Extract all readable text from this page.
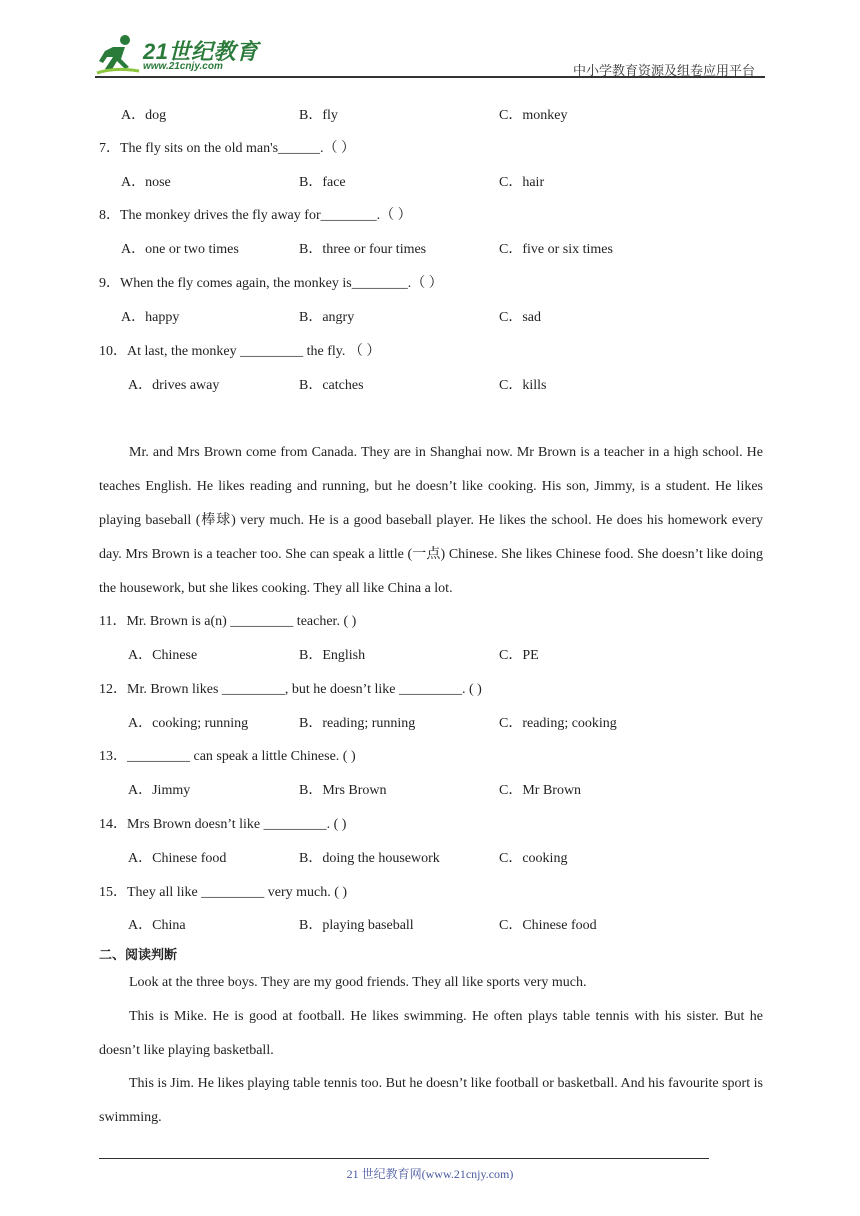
21世纪教育
www.21cnjy.com	中小学教育资源及组卷应用平台
A．dog	B．fly	C．monkey
7．The fly sits on the old man's______.（ ）
A．nose	B．face	C．hair
8．The monkey drives the fly away for________.（ ）
A．one or two times	B．three or four times	C．five or six times
9．When the fly comes again, the monkey is________.（ ）
A．happy	B．angry	C．sad
10．At last, the monkey _________ the fly. （ ）
A．drives away	B．catches	C．kills
Mr. and Mrs Brown come from Canada. They are in Shanghai now. Mr Brown is a teacher in a high school. He teaches English. He likes reading and running, but he doesn’t like cooking. His son, Jimmy, is a student. He likes playing baseball (棒球) very much. He is a good baseball player. He likes the school. He does his homework every day. Mrs Brown is a teacher too. She can speak a little (一点) Chinese. She likes Chinese food. She doesn’t like doing the housework, but she likes cooking. They all like China a lot.
11．Mr. Brown is a(n) _________ teacher. ( )
A．Chinese	B．English	C．PE
12．Mr. Brown likes _________, but he doesn’t like _________. ( )
A．cooking; running	B．reading; running	C．reading; cooking
13．_________ can speak a little Chinese. ( )
A．Jimmy	B．Mrs Brown	C．Mr Brown
14．Mrs Brown doesn’t like _________. ( )
A．Chinese food	B．doing the housework	C．cooking
15．They all like _________ very much. ( )
A．China	B．playing baseball	C．Chinese food
二、阅读判断
Look at the three boys. They are my good friends. They all like sports very much.
This is Mike. He is good at football. He likes swimming. He often plays table tennis with his sister. But he doesn’t like playing basketball.
This is Jim. He likes playing table tennis too. But he doesn’t like football or basketball. And his favourite sport is swimming.
21 世纪教育网(www.21cnjy.com)
